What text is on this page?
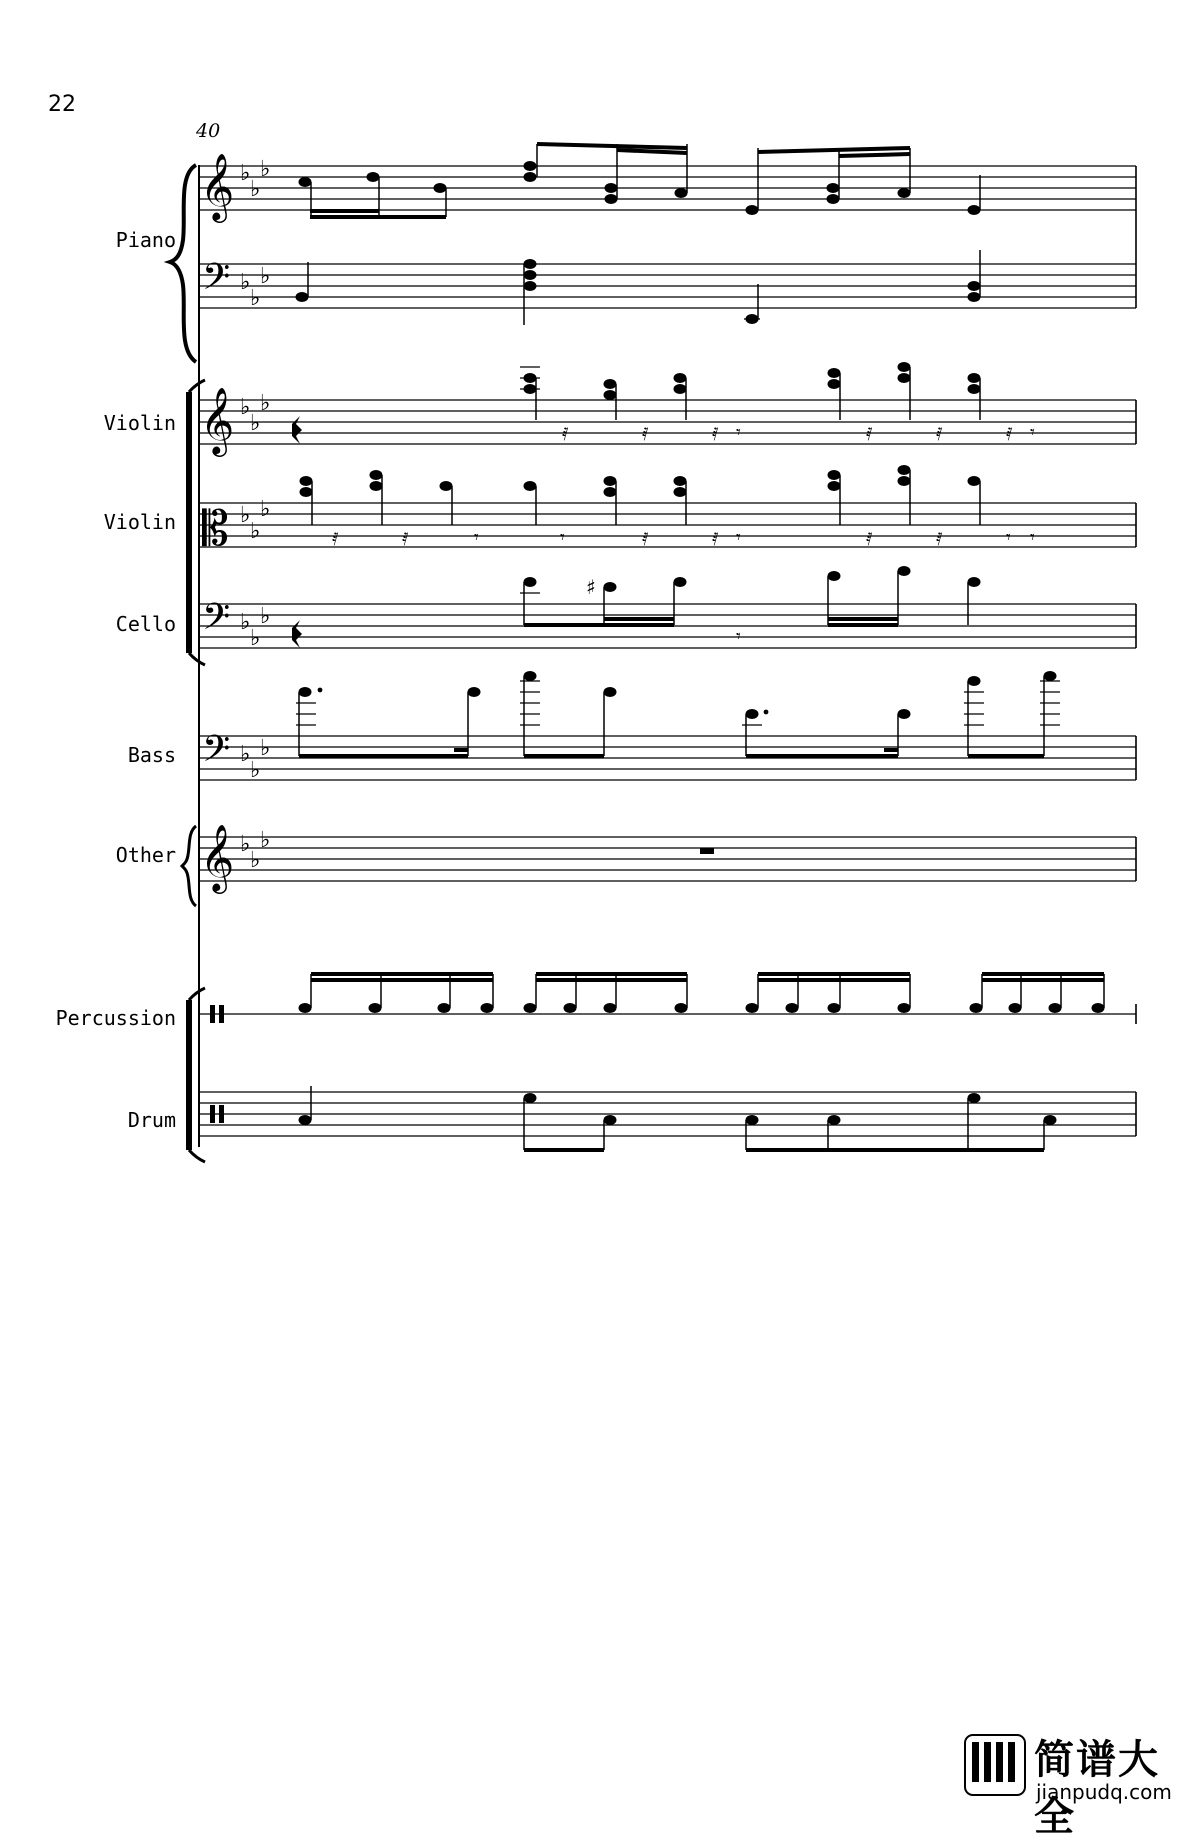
22
40
Piano
Violin
Violin
Cello
Bass
Other
Percussion
Drum
𝄞
𝄢
𝄞
𝄡
𝄢
𝄢
𝄞
♭
♭
♭
♭
♭
♭
♭
♭
♭
♭
♭
♭
♭
♭
♭
♭
♭
♭
♭
♭
♭
𝅀	𝅀	𝅀 𝄾	𝅀	𝅀	𝅀 𝄾
𝅀	𝅀	𝄾	𝄾	𝅀	𝅀 𝄾	𝅀	𝅀	𝄾 𝄾
♯
𝄾
简谱大全
jianpudq.com
